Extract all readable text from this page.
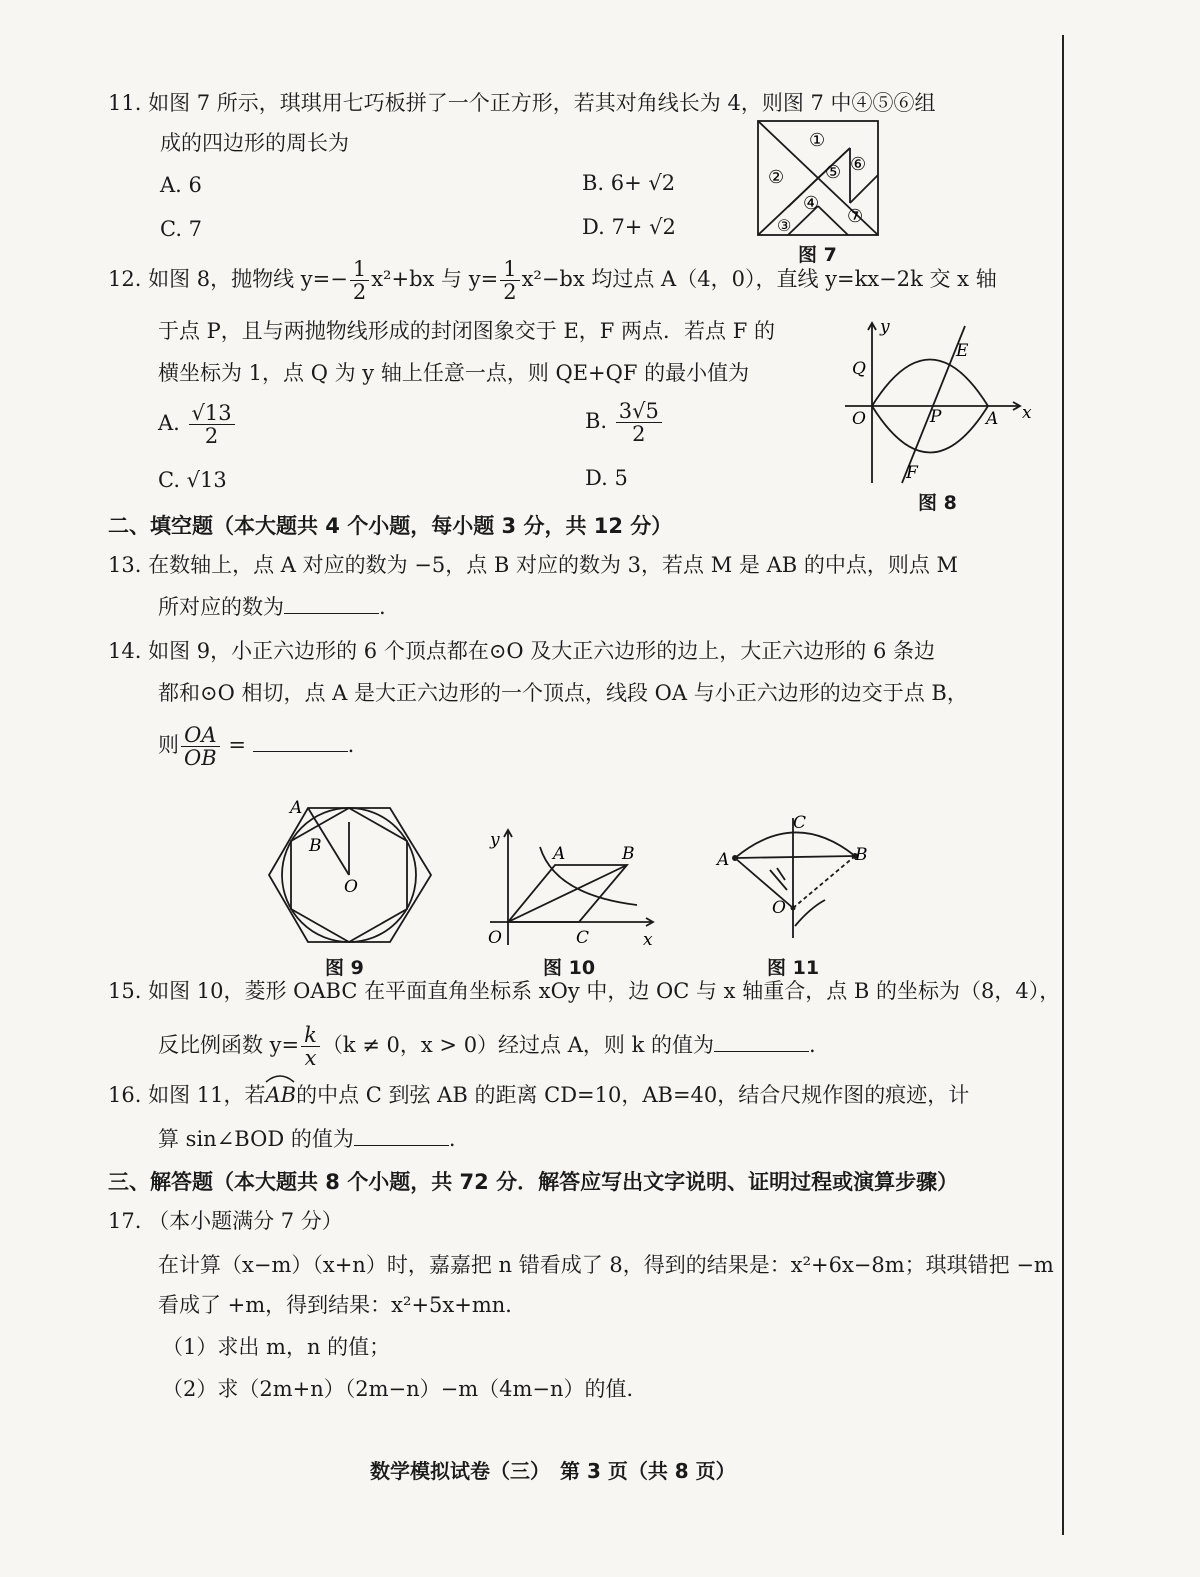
11. 如图 7 所示，琪琪用七巧板拼了一个正方形，若其对角线长为 4，则图 7 中④⑤⑥组
成的四边形的周长为
A. 6	B. 6+ √2
C. 7	D. 7+ √2
①
②
③
④
⑤ ⑥
⑦
图 7
12. 如图 8，抛物线 $y=- \frac{1}{2} x^2+bx$ 与 $y= \frac{1}{2} x^2-bx$ 均过点 A（4，0），直线 y=kx−2k 交 x 轴
于点 P，且与两抛物线形成的封闭图象交于 E，F 两点．若点 F 的
横坐标为 1，点 Q 为 y 轴上任意一点，则 QE+QF 的最小值为
A. $\frac{√13}{2}$	B. $\frac{3√5}{2}$
C. √13	D. 5
y
x
Q
E
O	P	A
F
图 8
二、填空题（本大题共 4 个小题，每小题 3 分，共 12 分）
13. 在数轴上，点 A 对应的数为 −5，点 B 对应的数为 3，若点 M 是 AB 的中点，则点 M
所对应的数为	.
14. 如图 9，小正六边形的 6 个顶点都在⊙O 及大正六边形的边上，大正六边形的 6 条边
都和⊙O 相切，点 A 是大正六边形的一个顶点，线段 OA 与小正六边形的边交于点 B，
则 $\frac{OA}{OB}$ =	.
A
B
O
图 9
y
A	B
O	C	x
图 10
C
A	B
O
图 11
15. 如图 10，菱形 OABC 在平面直角坐标系 xOy 中，边 OC 与 x 轴重合，点 B 的坐标为（8，4），
反比例函数 $y= \frac{k}{x} (k \ne 0$，x > 0）经过点 A，则 k 的值为	.
16. 如图 11，若AB
的中点 C 到弦 AB 的距离 CD=10，AB=40，结合尺规作图的痕迹，计
算 sin∠BOD 的值为	.
三、解答题（本大题共 8 个小题，共 72 分．解答应写出文字说明、证明过程或演算步骤）
17. （本小题满分 7 分）
在计算（x−m）（x+n）时，嘉嘉把 n 错看成了 8，得到的结果是：x²+6x−8m；琪琪错把 −m
看成了 +m，得到结果：x²+5x+mn．
（1）求出 m，n 的值；
（2）求（2m+n）（2m−n）−m（4m−n）的值．
数学模拟试卷（三）　第 3 页（共 8 页）
